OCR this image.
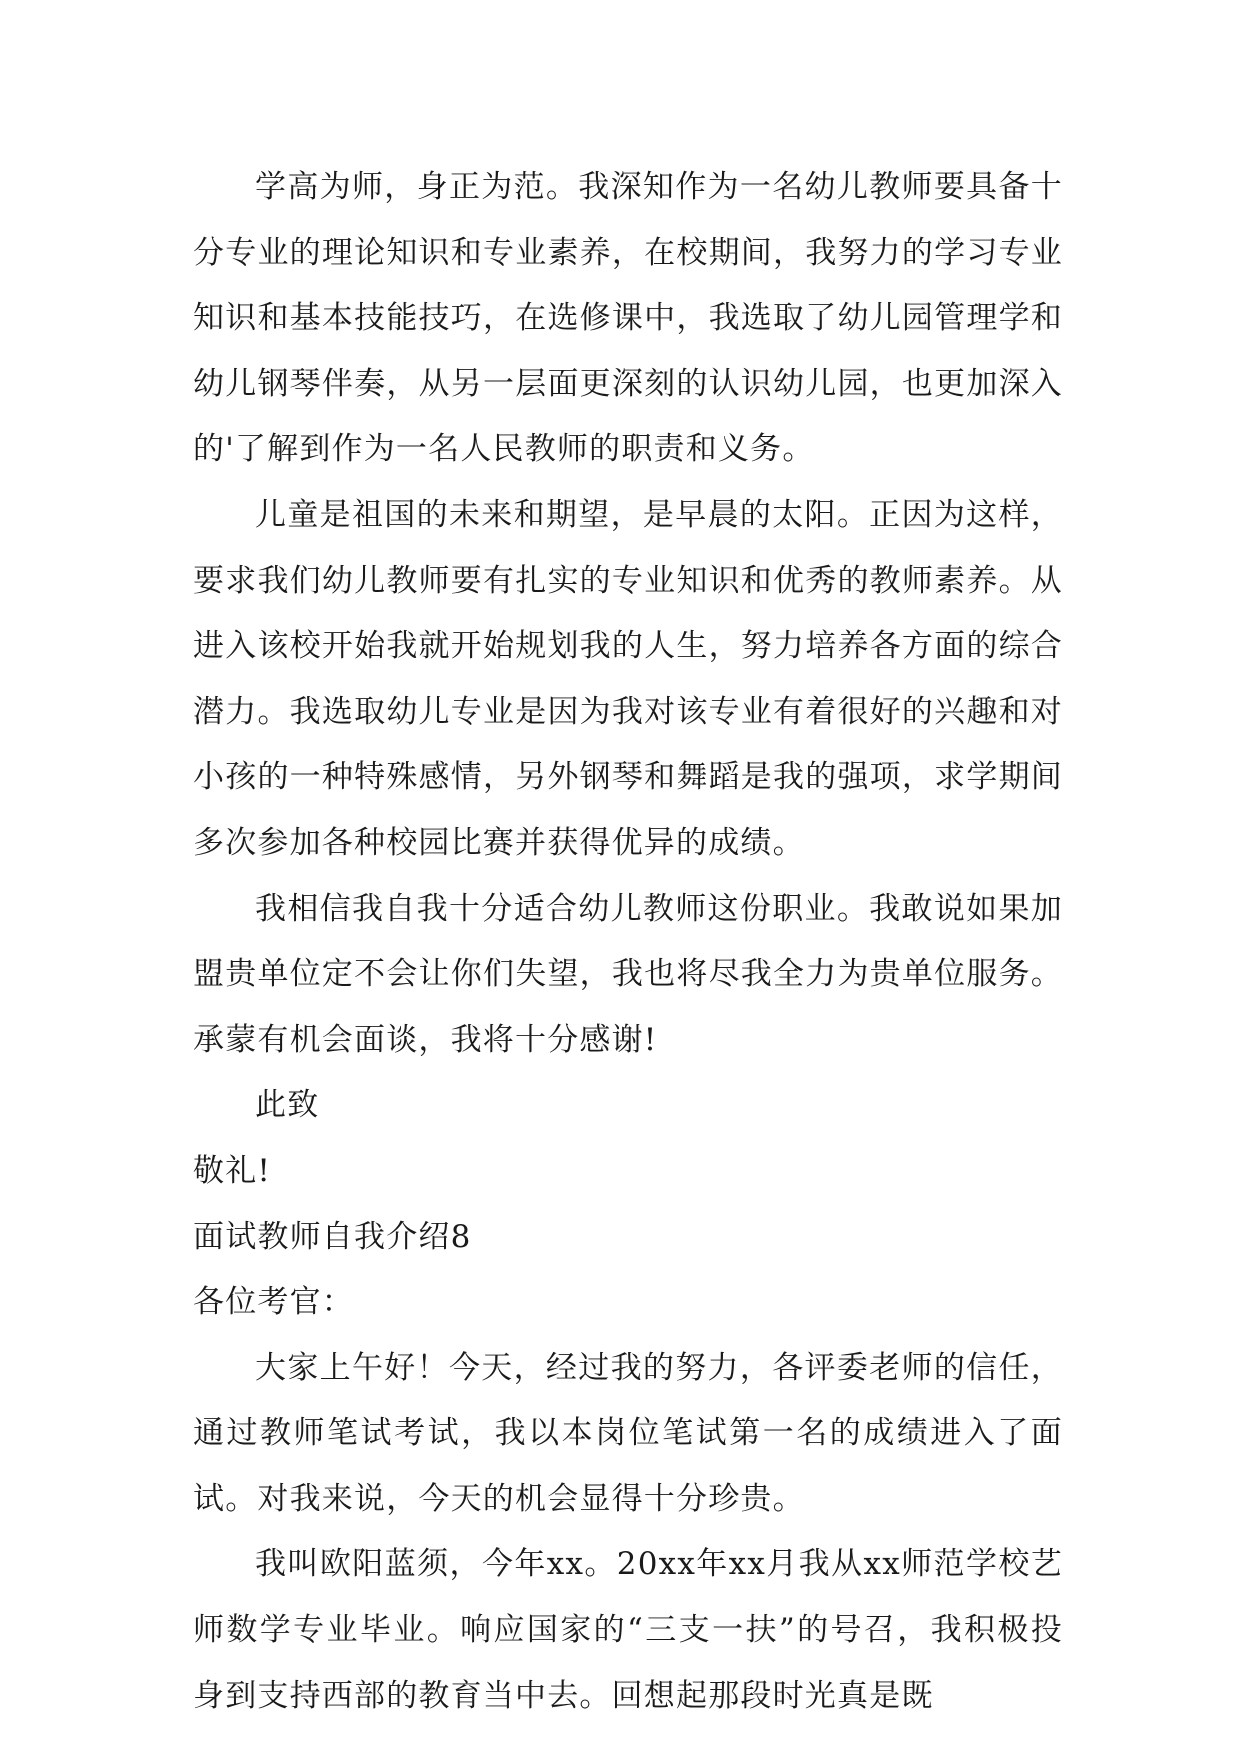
学高为师，身正为范。我深知作为一名幼儿教师要具备十分专业的理论知识和专业素养，在校期间，我努力的学习专业知识和基本技能技巧，在选修课中，我选取了幼儿园管理学和幼儿钢琴伴奏，从另一层面更深刻的认识幼儿园，也更加深入的'了解到作为一名人民教师的职责和义务。

儿童是祖国的未来和期望，是早晨的太阳。正因为这样，要求我们幼儿教师要有扎实的专业知识和优秀的教师素养。从进入该校开始我就开始规划我的人生，努力培养各方面的综合潜力。我选取幼儿专业是因为我对该专业有着很好的兴趣和对小孩的一种特殊感情，另外钢琴和舞蹈是我的强项，求学期间多次参加各种校园比赛并获得优异的成绩。

我相信我自我十分适合幼儿教师这份职业。我敢说如果加盟贵单位定不会让你们失望，我也将尽我全力为贵单位服务。承蒙有机会面谈，我将十分感谢!

此致

敬礼!

面试教师自我介绍8

各位考官：

大家上午好！今天，经过我的努力，各评委老师的信任，通过教师笔试考试，我以本岗位笔试第一名的成绩进入了面试。对我来说，今天的机会显得十分珍贵。

我叫欧阳蓝须，今年xx。20xx年xx月我从xx师范学校艺师数学专业毕业。响应国家的“三支一扶”的号召，我积极投身到支持西部的教育当中去。回想起那段时光真是既
